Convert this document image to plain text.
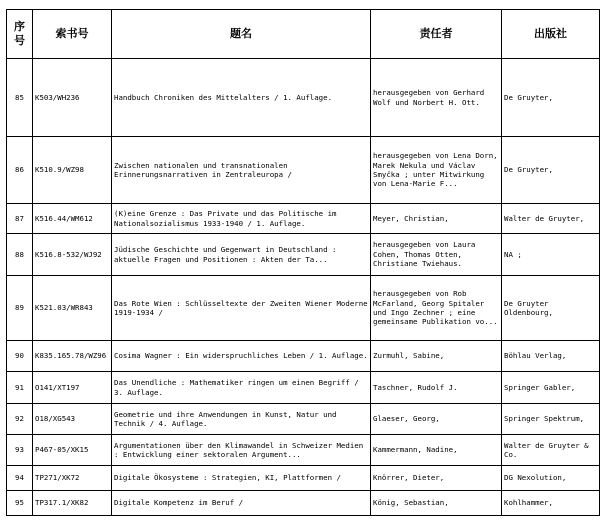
序号	索书号	题名	责任者	出版社
85	K503/WH236	Handbuch Chroniken des Mittelalters / 1. Auflage.	herausgegeben von Gerhard Wolf und Norbert H. Ott.	De Gruyter,
86	K510.9/WZ98	Zwischen nationalen und transnationalen Erinnerungsnarrativen in Zentraleuropa /	herausgegeben von Lena Dorn, Marek Nekula und Václav Smyčka ; unter Mitwirkung von Lena-Marie F...	De Gruyter,
87	K516.44/WM612	(K)eine Grenze : Das Private und das Politische im Nationalsozialismus 1933-1940 / 1. Auflage.	Meyer, Christian,	Walter de Gruyter,
88	K516.8-532/WJ92	Jüdische Geschichte und Gegenwart in Deutschland : aktuelle Fragen und Positionen : Akten der Ta...	herausgegeben von Laura Cohen, Thomas Otten, Christiane Twiehaus.	NA ;
89	K521.03/WR843	Das Rote Wien : Schlüsseltexte der Zweiten Wiener Moderne 1919-1934 /	herausgegeben von Rob McFarland, Georg Spitaler und Ingo Zechner ; eine gemeinsame Publikation vo...	De Gruyter Oldenbourg,
90	K835.165.78/WZ96	Cosima Wagner : Ein widerspruchliches Leben / 1. Auflage.	Zurmuhl, Sabine,	Böhlau Verlag,
91	O141/XT197	Das Unendliche : Mathematiker ringen um einen Begriff / 3. Auflage.	Taschner, Rudolf J.	Springer Gabler,
92	O18/XG543	Geometrie und ihre Anwendungen in Kunst, Natur und Technik / 4. Auflage.	Glaeser, Georg,	Springer Spektrum,
93	P467-05/XK15	Argumentationen über den Klimawandel in Schweizer Medien : Entwicklung einer sektoralen Argument...	Kammermann, Nadine,	Walter de Gruyter & Co.
94	TP271/XK72	Digitale Ökosysteme : Strategien, KI, Plattformen /	Knörrer, Dieter,	DG Nexolution,
95	TP317.1/XK82	Digitale Kompetenz im Beruf /	König, Sebastian,	Kohlhammer,
